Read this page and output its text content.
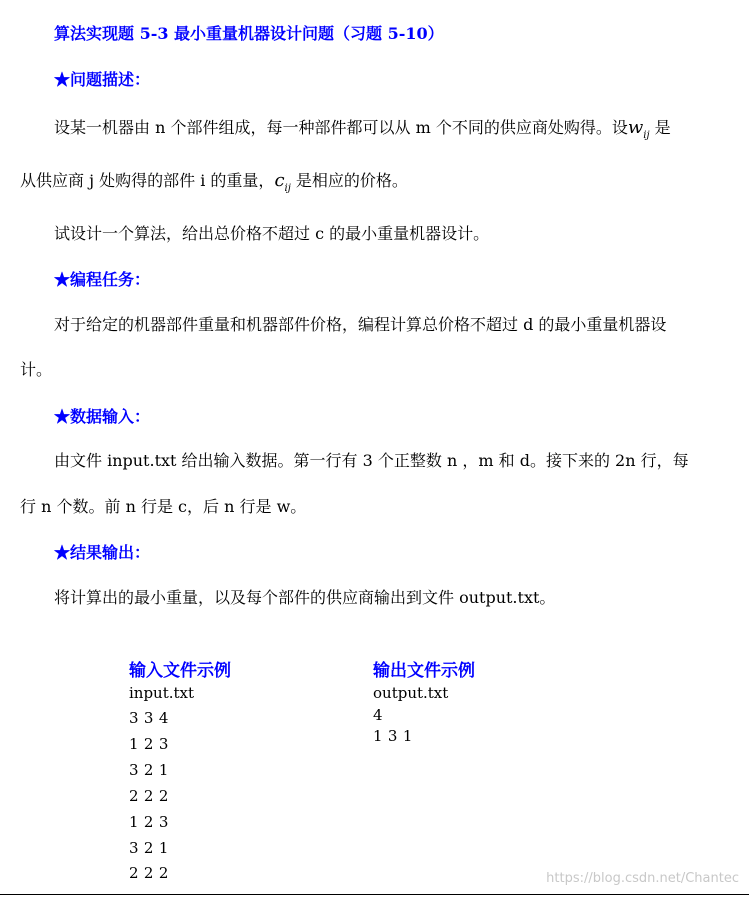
算法实现题 5-3 最小重量机器设计问题（习题 5-10）
★问题描述：
设某一机器由 n 个部件组成，每一种部件都可以从 m 个不同的供应商处购得。设$w_{ij}$ 是
从供应商 j 处购得的部件 i 的重量，$c_{ij}$ 是相应的价格。
试设计一个算法，给出总价格不超过 c 的最小重量机器设计。
★编程任务：
对于给定的机器部件重量和机器部件价格，编程计算总价格不超过 d 的最小重量机器设
计。
★数据输入：
由文件 input.txt 给出输入数据。第一行有 3 个正整数 n ，m 和 d。接下来的 2n 行，每
行 n 个数。前 n 行是 c，后 n 行是 w。
★结果输出：
将计算出的最小重量，以及每个部件的供应商输出到文件 output.txt。
输入文件示例
input.txt
3 3 4
1 2 3
3 2 1
2 2 2
1 2 3
3 2 1
2 2 2
输出文件示例
output.txt
4
1 3 1
https://blog.csdn.net/Chantec
